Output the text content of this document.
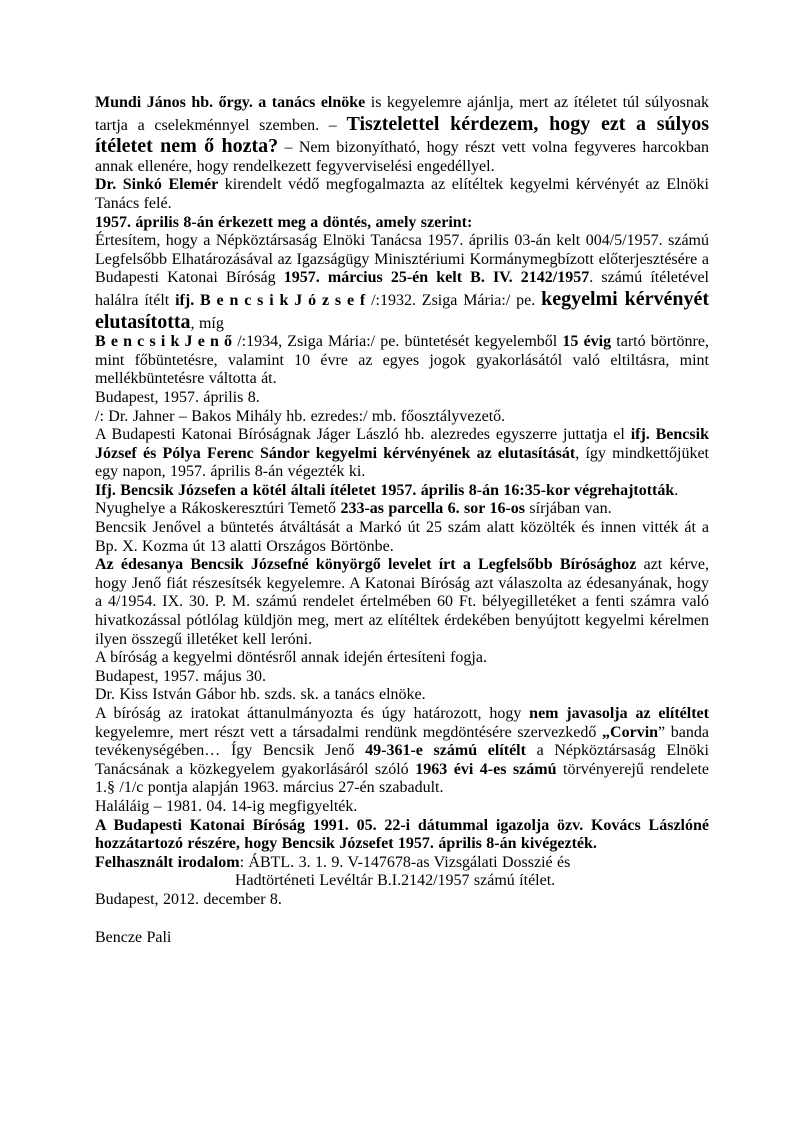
Mundi János hb. őrgy. a tanács elnöke is kegyelemre ajánlja, mert az ítéletet túl súlyosnak tartja a cselekménnyel szemben. – Tisztelettel kérdezem, hogy ezt a súlyos ítéletet nem ő hozta? – Nem bizonyítható, hogy részt vett volna fegyveres harcokban annak ellenére, hogy rendelkezett fegyverviselési engedéllyel.

Dr. Sinkó Elemér kirendelt védő megfogalmazta az elítéltek kegyelmi kérvényét az Elnöki Tanács felé.

1957. április 8-án érkezett meg a döntés, amely szerint:

Értesítem, hogy a Népköztársaság Elnöki Tanácsa 1957. április 03-án kelt 004/5/1957. számú Legfelsőbb Elhatározásával az Igazságügy Minisztériumi Kormánymegbízott előterjesztésére a Budapesti Katonai Bíróság 1957. március 25-én kelt B. IV. 2142/1957. számú ítéletével halálra ítélt ifj. B e n c s i k J ó z s e f /:1932. Zsiga Mária:/ pe. kegyelmi kérvényét elutasította, míg

B e n c s i k J e n ő /:1934, Zsiga Mária:/ pe. büntetését kegyelemből 15 évig tartó börtönre, mint főbüntetésre, valamint 10 évre az egyes jogok gyakorlásától való eltiltásra, mint mellékbüntetésre váltotta át.

Budapest, 1957. április 8.

/: Dr. Jahner – Bakos Mihály hb. ezredes:/ mb. főosztályvezető.

A Budapesti Katonai Bíróságnak Jáger László hb. alezredes egyszerre juttatja el ifj. Bencsik József és Pólya Ferenc Sándor kegyelmi kérvényének az elutasítását, így mindkettőjüket egy napon, 1957. április 8-án végezték ki.

Ifj. Bencsik Józsefen a kötél általi ítéletet 1957. április 8-án 16:35-kor végrehajtották.

Nyughelye a Rákoskeresztúri Temető 233-as parcella 6. sor 16-os sírjában van.

Bencsik Jenővel a büntetés átváltását a Markó út 25 szám alatt közölték és innen vitték át a Bp. X. Kozma út 13 alatti Országos Börtönbe.

Az édesanya Bencsik Józsefné könyörgő levelet írt a Legfelsőbb Bírósághoz azt kérve, hogy Jenő fiát részesítsék kegyelemre. A Katonai Bíróság azt válaszolta az édesanyának, hogy a 4/1954. IX. 30. P. M. számú rendelet értelmében 60 Ft. bélyegilletéket a fenti számra való hivatkozással pótlólag küldjön meg, mert az elítéltek érdekében benyújtott kegyelmi kérelmen ilyen összegű illetéket kell leróni.

A bíróság a kegyelmi döntésről annak idején értesíteni fogja.

Budapest, 1957. május 30.

Dr. Kiss István Gábor hb. szds. sk. a tanács elnöke.

A bíróság az iratokat áttanulmányozta és úgy határozott, hogy nem javasolja az elítéltet kegyelemre, mert részt vett a társadalmi rendünk megdöntésére szervezkedő „Corvin” banda tevékenységében… Így Bencsik Jenő 49-361-e számú elítélt a Népköztársaság Elnöki Tanácsának a közkegyelem gyakorlásáról szóló 1963 évi 4-es számú törvényerejű rendelete 1.§ /1/c pontja alapján 1963. március 27-én szabadult.

Haláláig – 1981. 04. 14-ig megfigyelték.

A Budapesti Katonai Bíróság 1991. 05. 22-i dátummal igazolja özv. Kovács Lászlóné hozzátartozó részére, hogy Bencsik Józsefet 1957. április 8-án kivégezték.

Felhasznált irodalom: ÁBTL. 3. 1. 9. V-147678-as Vizsgálati Dosszié és

Hadtörténeti Levéltár B.I.2142/1957 számú ítélet.

Budapest, 2012. december 8.

Bencze Pali
